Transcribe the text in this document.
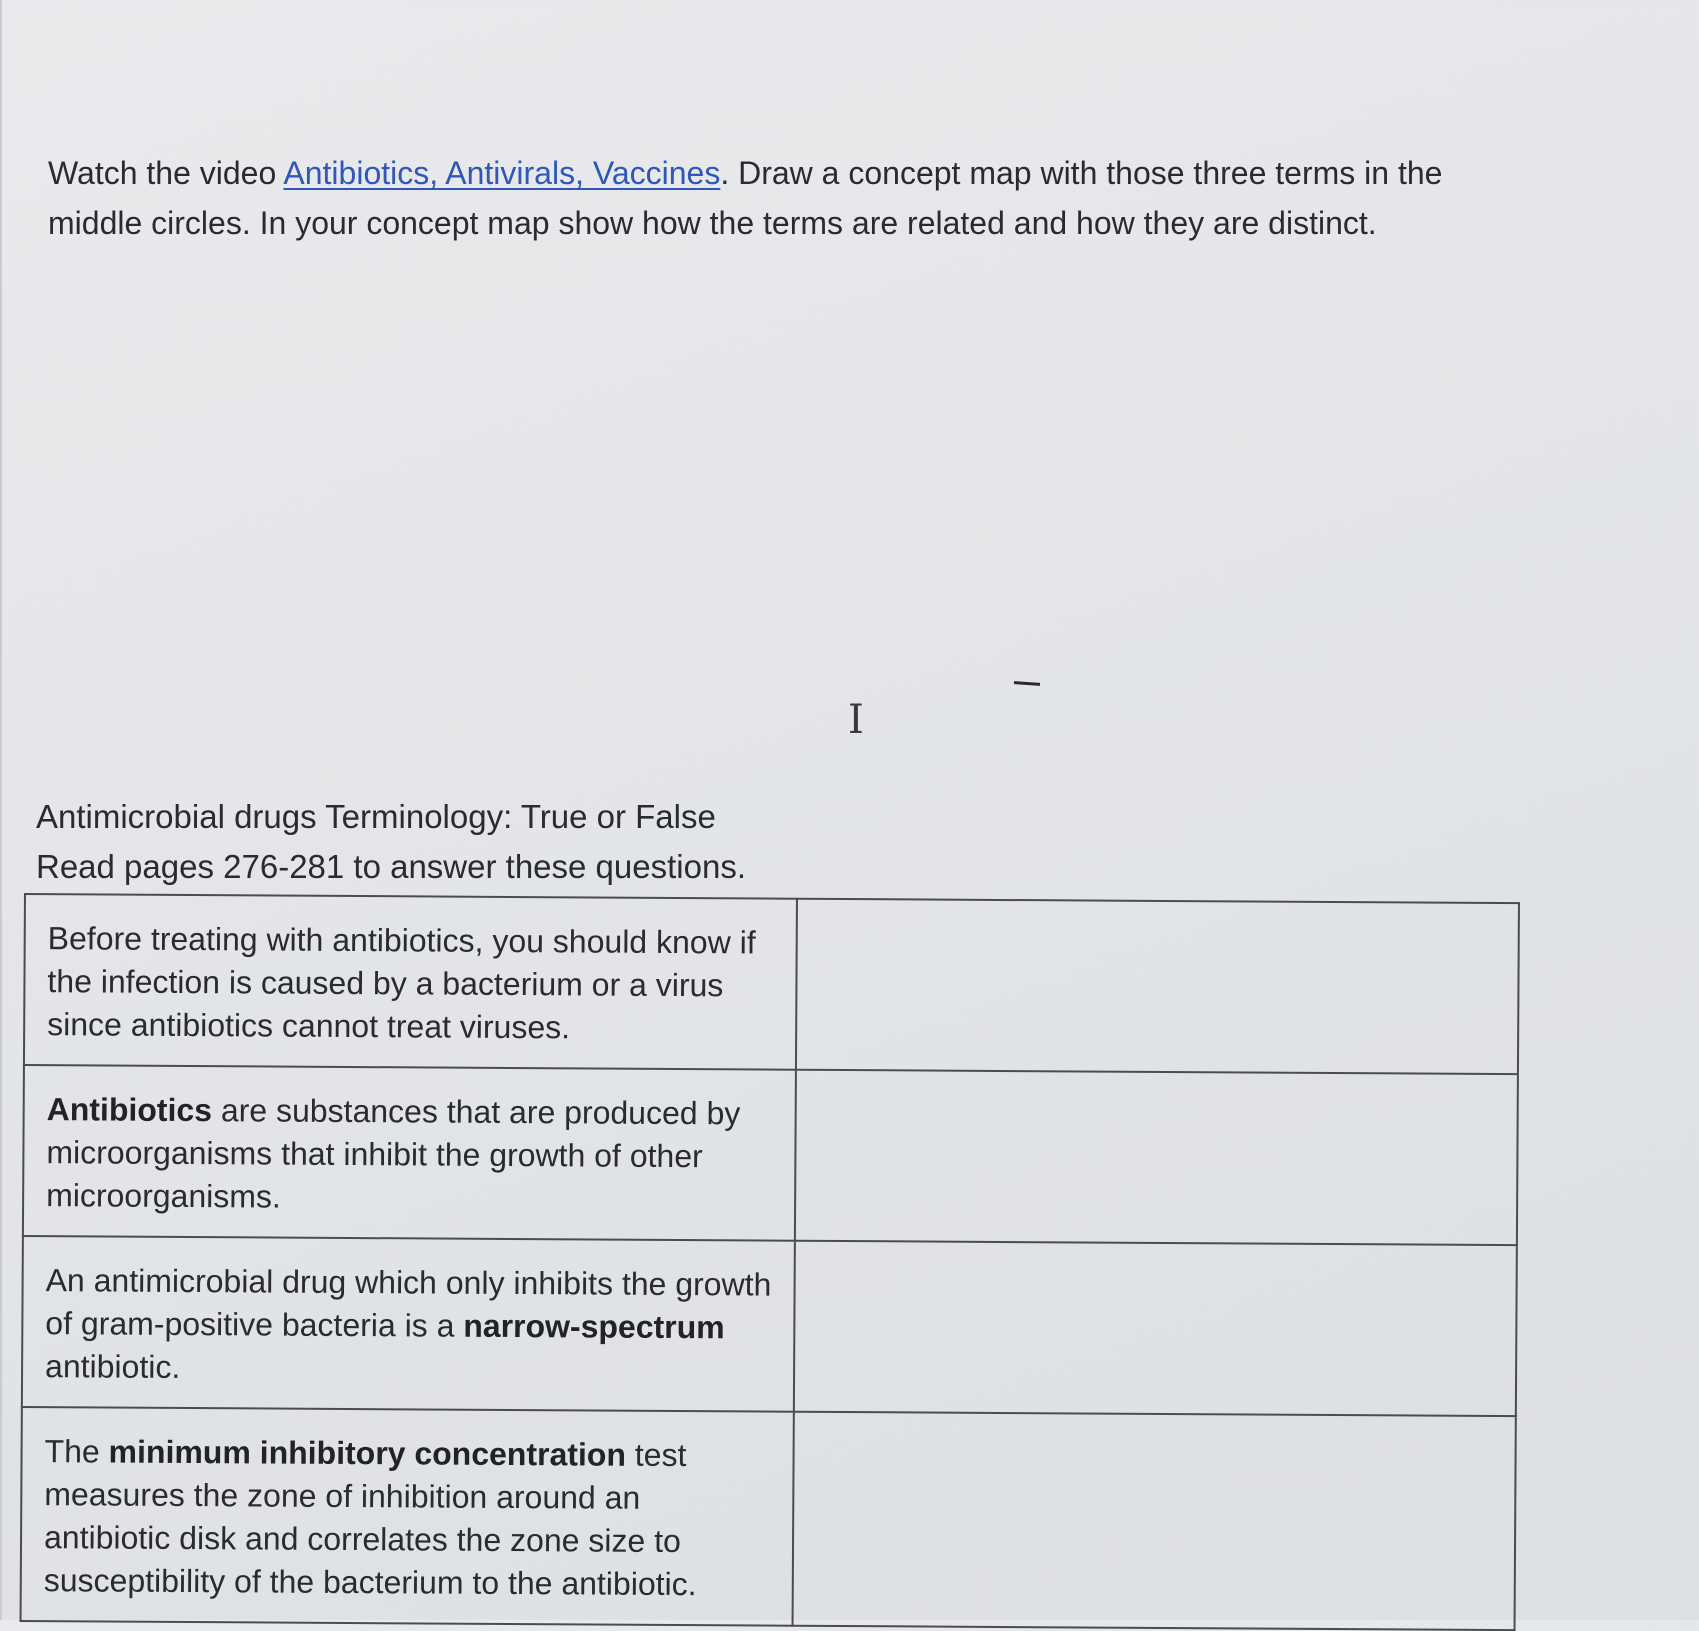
Watch the video Antibiotics, Antivirals, Vaccines. Draw a concept map with those three terms in the middle circles. In your concept map show how the terms are related and how they are distinct.

I
Antimicrobial drugs Terminology: True or False
Read pages 276-281 to answer these questions.
Before treating with antibiotics, you should know if the infection is caused by a bacterium or a virus since antibiotics cannot treat viruses.	
Antibiotics are substances that are produced by microorganisms that inhibit the growth of other microorganisms.	
An antimicrobial drug which only inhibits the growth of gram-positive bacteria is a narrow-spectrum antibiotic.	
The minimum inhibitory concentration test measures the zone of inhibition around an antibiotic disk and correlates the zone size to susceptibility of the bacterium to the antibiotic.	
